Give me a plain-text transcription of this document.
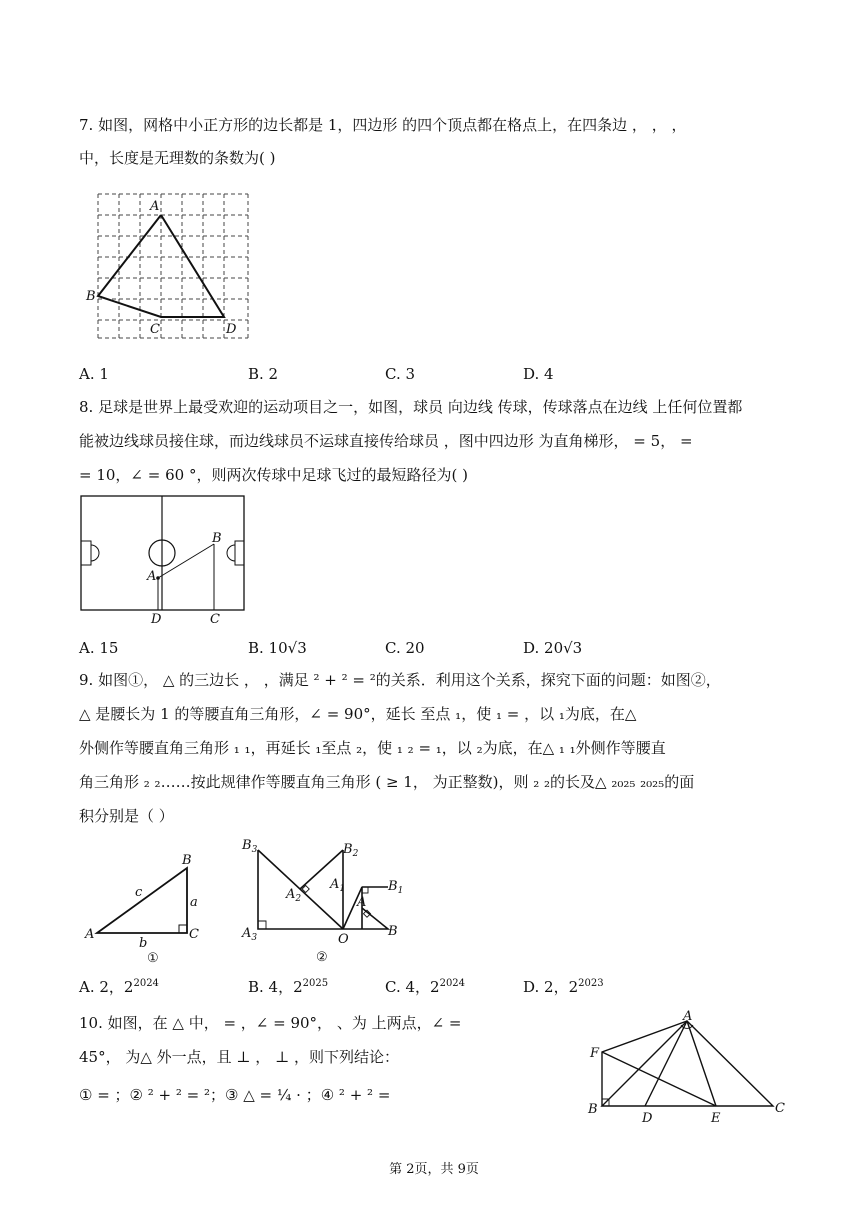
7. 如图，网格中小正方形的边长都是 1，四边形 的四个顶点都在格点上，在四条边 ， ， ，
中，长度是无理数的条数为( )
A
B
C	D
A. 1	B. 2	C. 3	D. 4
8. 足球是世界上最受欢迎的运动项目之一，如图，球员 向边线 传球，传球落点在边线 上任何位置都
能被边线球员接住球，而边线球员不运球直接传给球员 ，图中四边形 为直角梯形， = 5， =
= 10，∠ = 60 °，则两次传球中足球飞过的最短路径为( )
A
B
D	C
A. 15	B. 10√3	C. 20	D. 20√3
9. 如图①， △ 的三边长 ， ，满足 ² + ² = ²的关系．利用这个关系，探究下面的问题：如图②，
△ 是腰长为 1 的等腰直角三角形，∠ = 90°，延长 至点 ₁，使 ₁ = ，以 ₁为底，在△
外侧作等腰直角三角形 ₁ ₁，再延长 ₁至点 ₂，使 ₁ ₂ = ₁，以 ₂为底，在△ ₁ ₁外侧作等腰直
角三角形 ₂ ₂……按此规律作等腰直角三角形 ( ≥ 1， 为正整数)，则 ₂ ₂的长及△ ₂₀₂₅ ₂₀₂₅的面
积分别是（ ）
A
B
C
a
b
c
①
$B_3$	$B_2$
$A_2$
$A_1$	$B_1$
A
$A_3$	O
B
②
A. 2，$2^{2024}$	B. 4，$2^{2025}$	C. 4，$2^{2024}$	D. 2，$2^{2023}$
10. 如图，在 △ 中， = ，∠ = 90°， 、为 上两点，∠ =
45°， 为△ 外一点，且 ⊥ ， ⊥ ，则下列结论：
① = ；② ² + ² = ²；③ △ = ¼ · ；④ ² + ² =
A
F
B
D	E
C
第 2页，共 9页
